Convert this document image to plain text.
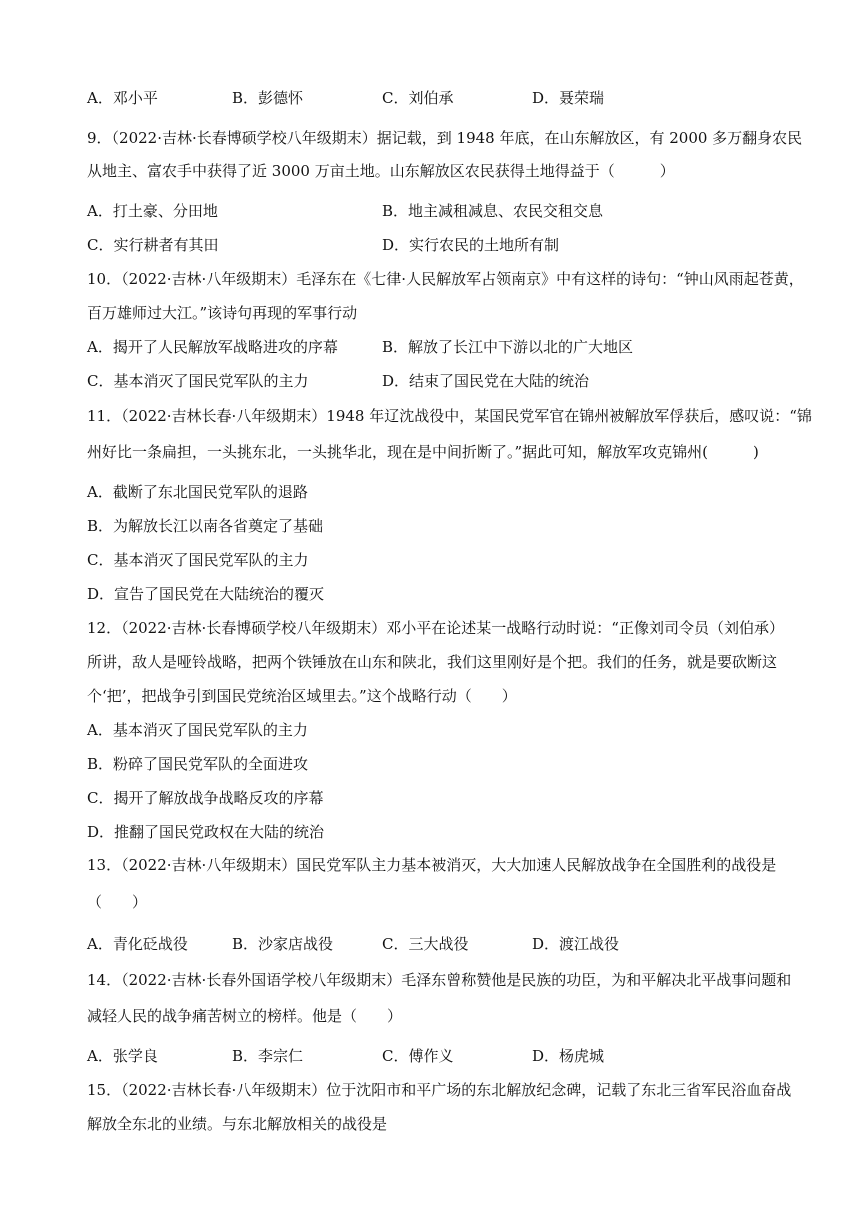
A．邓小平	B．彭德怀	C．刘伯承	D．聂荣瑞
9．（2022·吉林·长春博硕学校八年级期末）据记载，到 1948 年底，在山东解放区，有 2000 多万翻身农民
从地主、富农手中获得了近 3000 万亩土地。山东解放区农民获得土地得益于（　　　）
A．打土豪、分田地	B．地主减租减息、农民交租交息
C．实行耕者有其田	D．实行农民的土地所有制
10．（2022·吉林·八年级期末）毛泽东在《七律·人民解放军占领南京》中有这样的诗句：“钟山风雨起苍黄，
百万雄师过大江。”该诗句再现的军事行动
A．揭开了人民解放军战略进攻的序幕	B．解放了长江中下游以北的广大地区
C．基本消灭了国民党军队的主力	D．结束了国民党在大陆的统治
11．（2022·吉林长春·八年级期末）1948 年辽沈战役中，某国民党军官在锦州被解放军俘获后，感叹说：“锦
州好比一条扁担，一头挑东北，一头挑华北，现在是中间折断了。”据此可知，解放军攻克锦州(　　　)
A．截断了东北国民党军队的退路
B．为解放长江以南各省奠定了基础
C．基本消灭了国民党军队的主力
D．宣告了国民党在大陆统治的覆灭
12．（2022·吉林·长春博硕学校八年级期末）邓小平在论述某一战略行动时说：“正像刘司令员（刘伯承）
所讲，敌人是哑铃战略，把两个铁锤放在山东和陕北，我们这里刚好是个把。我们的任务，就是要砍断这
个‘把’，把战争引到国民党统治区域里去。”这个战略行动（　　）
A．基本消灭了国民党军队的主力
B．粉碎了国民党军队的全面进攻
C．揭开了解放战争战略反攻的序幕
D．推翻了国民党政权在大陆的统治
13．（2022·吉林·八年级期末）国民党军队主力基本被消灭，大大加速人民解放战争在全国胜利的战役是
（　　）
A．青化砭战役	B．沙家店战役	C．三大战役	D．渡江战役
14．（2022·吉林·长春外国语学校八年级期末）毛泽东曾称赞他是民族的功臣，为和平解决北平战事问题和
减轻人民的战争痛苦树立的榜样。他是（　　）
A．张学良	B．李宗仁	C．傅作义	D．杨虎城
15．（2022·吉林长春·八年级期末）位于沈阳市和平广场的东北解放纪念碑，记载了东北三省军民浴血奋战
解放全东北的业绩。与东北解放相关的战役是
